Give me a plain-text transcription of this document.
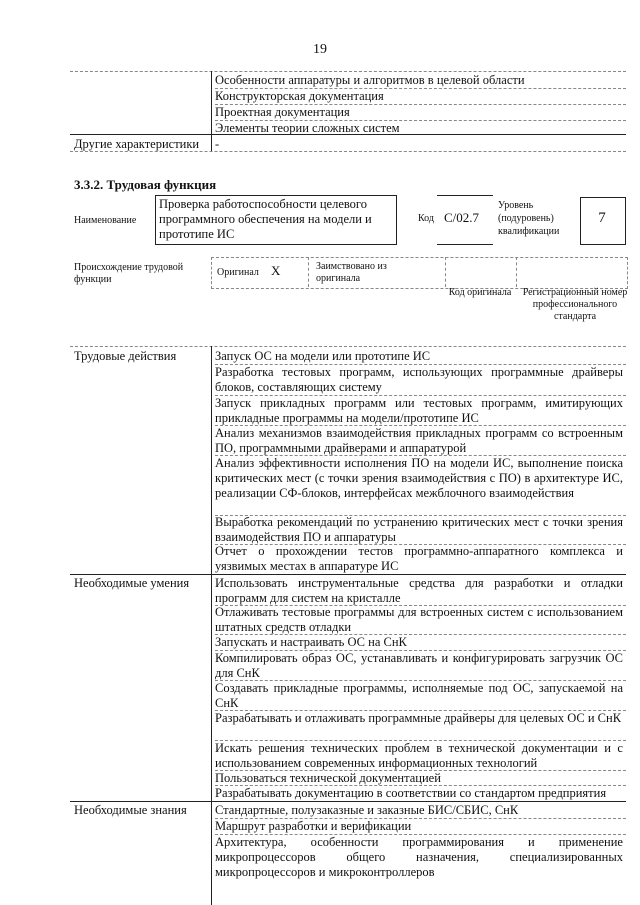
19
Особенности аппаратуры и алгоритмов в целевой области
Конструкторская документация
Проектная документация
Элементы теории сложных систем
Другие характеристики -
3.3.2. Трудовая функция
Наименование
Проверка работоспособности целевого программного обеспечения на модели и прототипе ИС
Код C/02.7
Уровень (подуровень) квалификации
7
Происхождение трудовой функции
Оригинал X	Заимствовано из оригинала
Код оригинала Регистрационный номер профессионального стандарта
Трудовые действия	Запуск ОС на модели или прототипе ИС
Разработка тестовых программ, использующих программные драйверы блоков, составляющих систему
Запуск прикладных программ или тестовых программ, имитирующих прикладные программы на модели/прототипе ИС
Анализ механизмов взаимодействия прикладных программ со встроенным ПО, программными драйверами и аппаратурой
Анализ эффективности исполнения ПО на модели ИС, выполнение поиска критических мест (с точки зрения взаимодействия с ПО) в архитектуре ИС, реализации СФ-блоков, интерфейсах межблочного взаимодействия
Выработка рекомендаций по устранению критических мест с точки зрения взаимодействия ПО и аппаратуры
Отчет о прохождении тестов программно-аппаратного комплекса и уязвимых местах в аппаратуре ИС
Необходимые умения Использовать инструментальные средства для разработки и отладки программ для систем на кристалле
Отлаживать тестовые программы для встроенных систем с использованием штатных средств отладки
Запускать и настраивать ОС на СнК
Компилировать образ ОС, устанавливать и конфигурировать загрузчик ОС для СнК
Создавать прикладные программы, исполняемые под ОС, запускаемой на СнК
Разрабатывать и отлаживать программные драйверы для целевых ОС и СнК
Искать решения технических проблем в технической документации и с использованием современных информационных технологий
Пользоваться технической документацией
Разрабатывать документацию в соответствии со стандартом предприятия
Необходимые знания Стандартные, полузаказные и заказные БИС/СБИС, СнК
Маршрут разработки и верификации
Архитектура, особенности программирования и применение микропроцессоров общего назначения, специализированных микропроцессоров и микроконтроллеров
